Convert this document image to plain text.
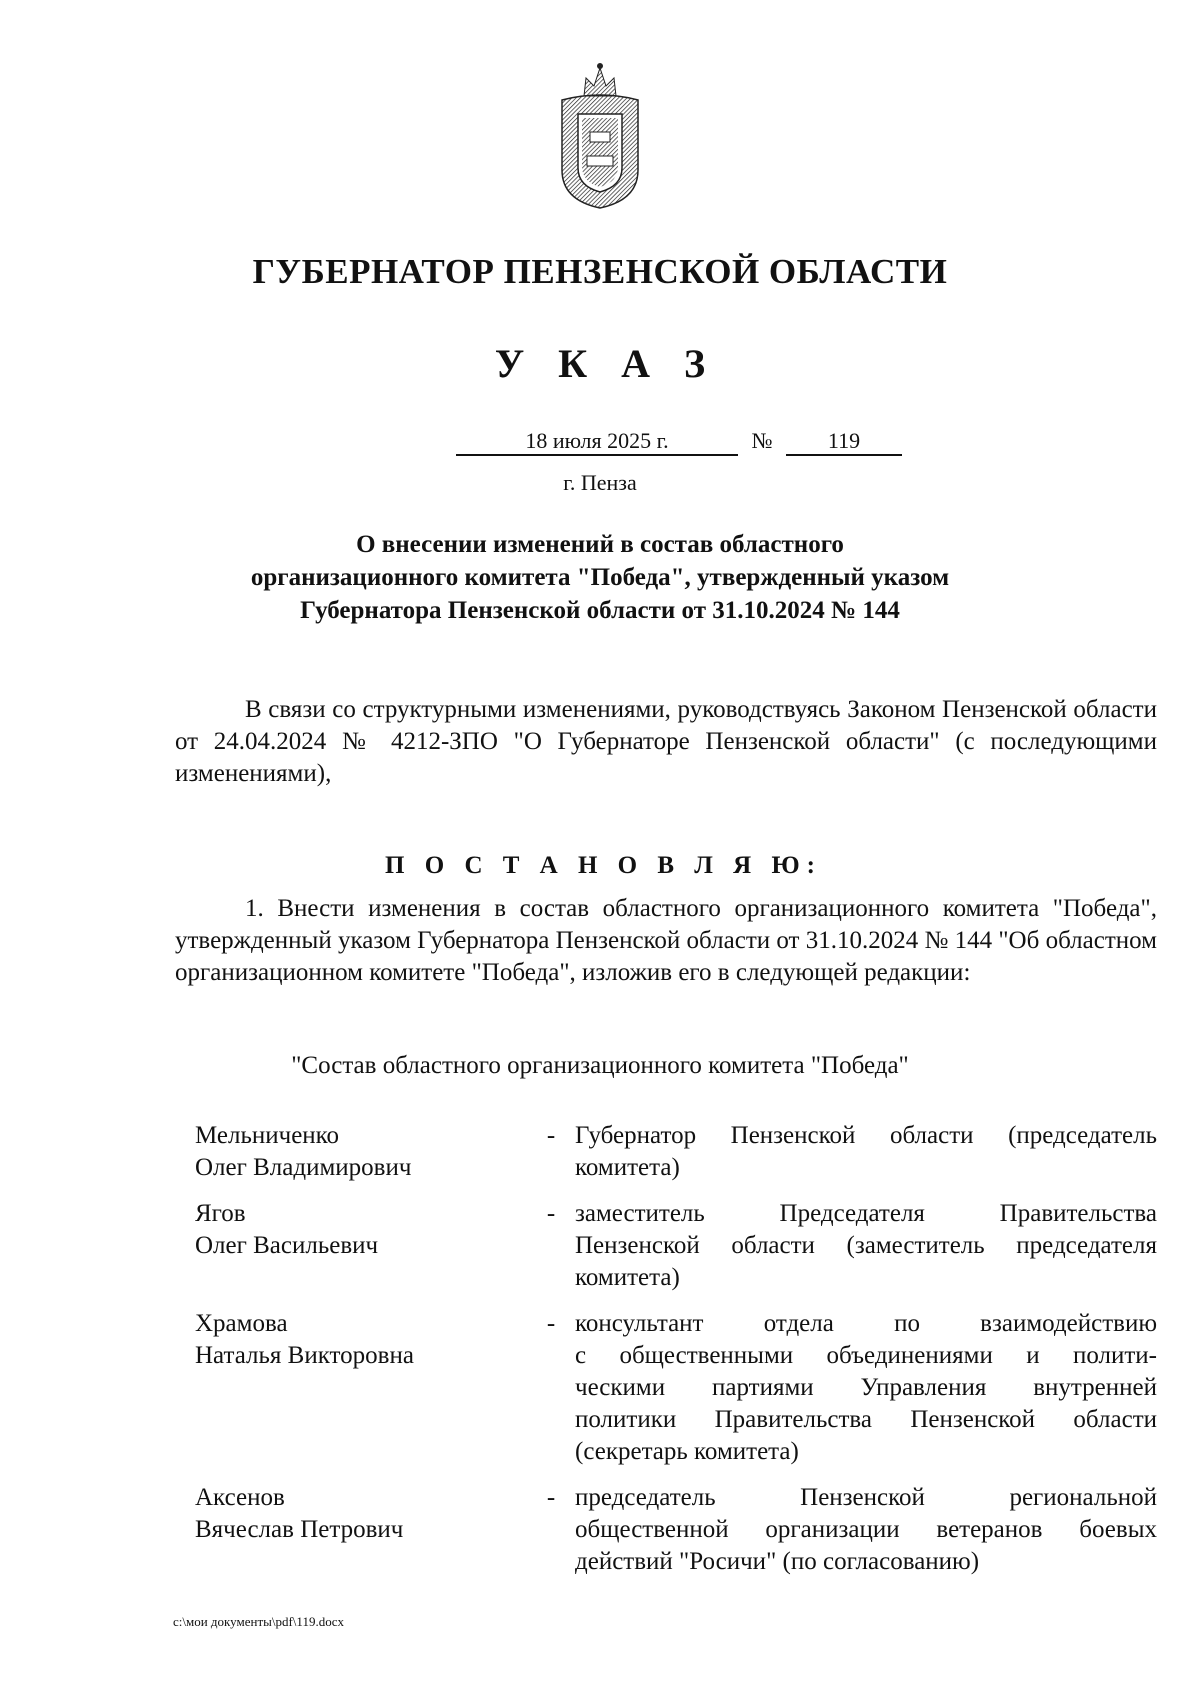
ГУБЕРНАТОР ПЕНЗЕНСКОЙ ОБЛАСТИ
У К А З
18 июля 2025 г.	№	119
г. Пенза
О внесении изменений в состав областного
организационного комитета "Победа", утвержденный указом
Губернатора Пензенской области от 31.10.2024 № 144
В связи со структурными изменениями, руководствуясь Законом Пензенской области от 24.04.2024 № 4212-ЗПО "О Губернаторе Пензенской области" (с последующими изменениями),
П О С Т А Н О В Л Я Ю:
1. Внести изменения в состав областного организационного комитета "Победа", утвержденный указом Губернатора Пензенской области от 31.10.2024 № 144 "Об областном организационном комитете "Победа", изложив его в следующей редакции:
"Состав областного организационного комитета "Победа"
Мельниченко
Олег Владимирович
- Губернатор Пензенской области (председатель
комитета)
Ягов
Олег Васильевич
- заместитель Председателя Правительства
Пензенской области (заместитель председателя
комитета)
Храмова
Наталья Викторовна
- консультант отдела по взаимодействию
с общественными объединениями и полити-
ческими партиями Управления внутренней
политики Правительства Пензенской области
(секретарь комитета)
Аксенов
Вячеслав Петрович
- председатель Пензенской региональной
общественной организации ветеранов боевых
действий "Росичи" (по согласованию)
c:\мои документы\pdf\119.docx
